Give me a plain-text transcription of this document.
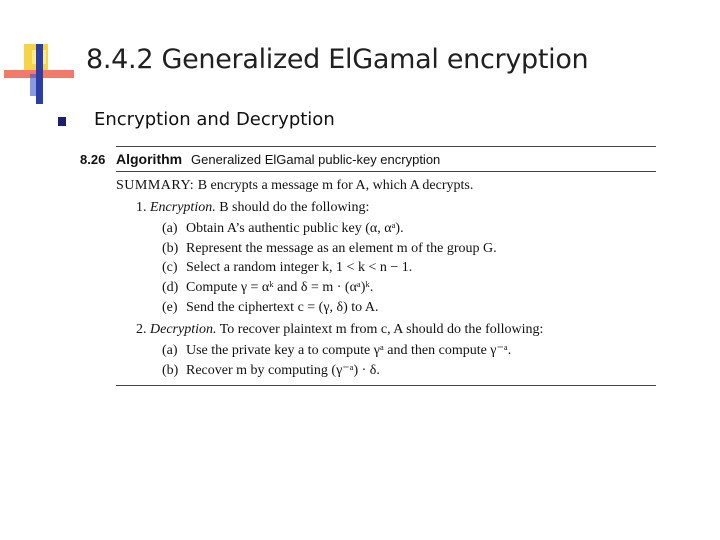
8.4.2 Generalized ElGamal encryption
Encryption and Decryption
8.26 Algorithm Generalized ElGamal public-key encryption
SUMMARY: B encrypts a message m for A, which A decrypts.
1. Encryption. B should do the following:
(a) Obtain A’s authentic public key (α, αᵃ).
(b) Represent the message as an element m of the group G.
(c) Select a random integer k, 1 < k < n − 1.
(d) Compute γ = αᵏ and δ = m · (αᵃ)ᵏ.
(e) Send the ciphertext c = (γ, δ) to A.
2. Decryption. To recover plaintext m from c, A should do the following:
(a) Use the private key a to compute γᵃ and then compute γ⁻ᵃ.
(b) Recover m by computing (γ⁻ᵃ) · δ.
